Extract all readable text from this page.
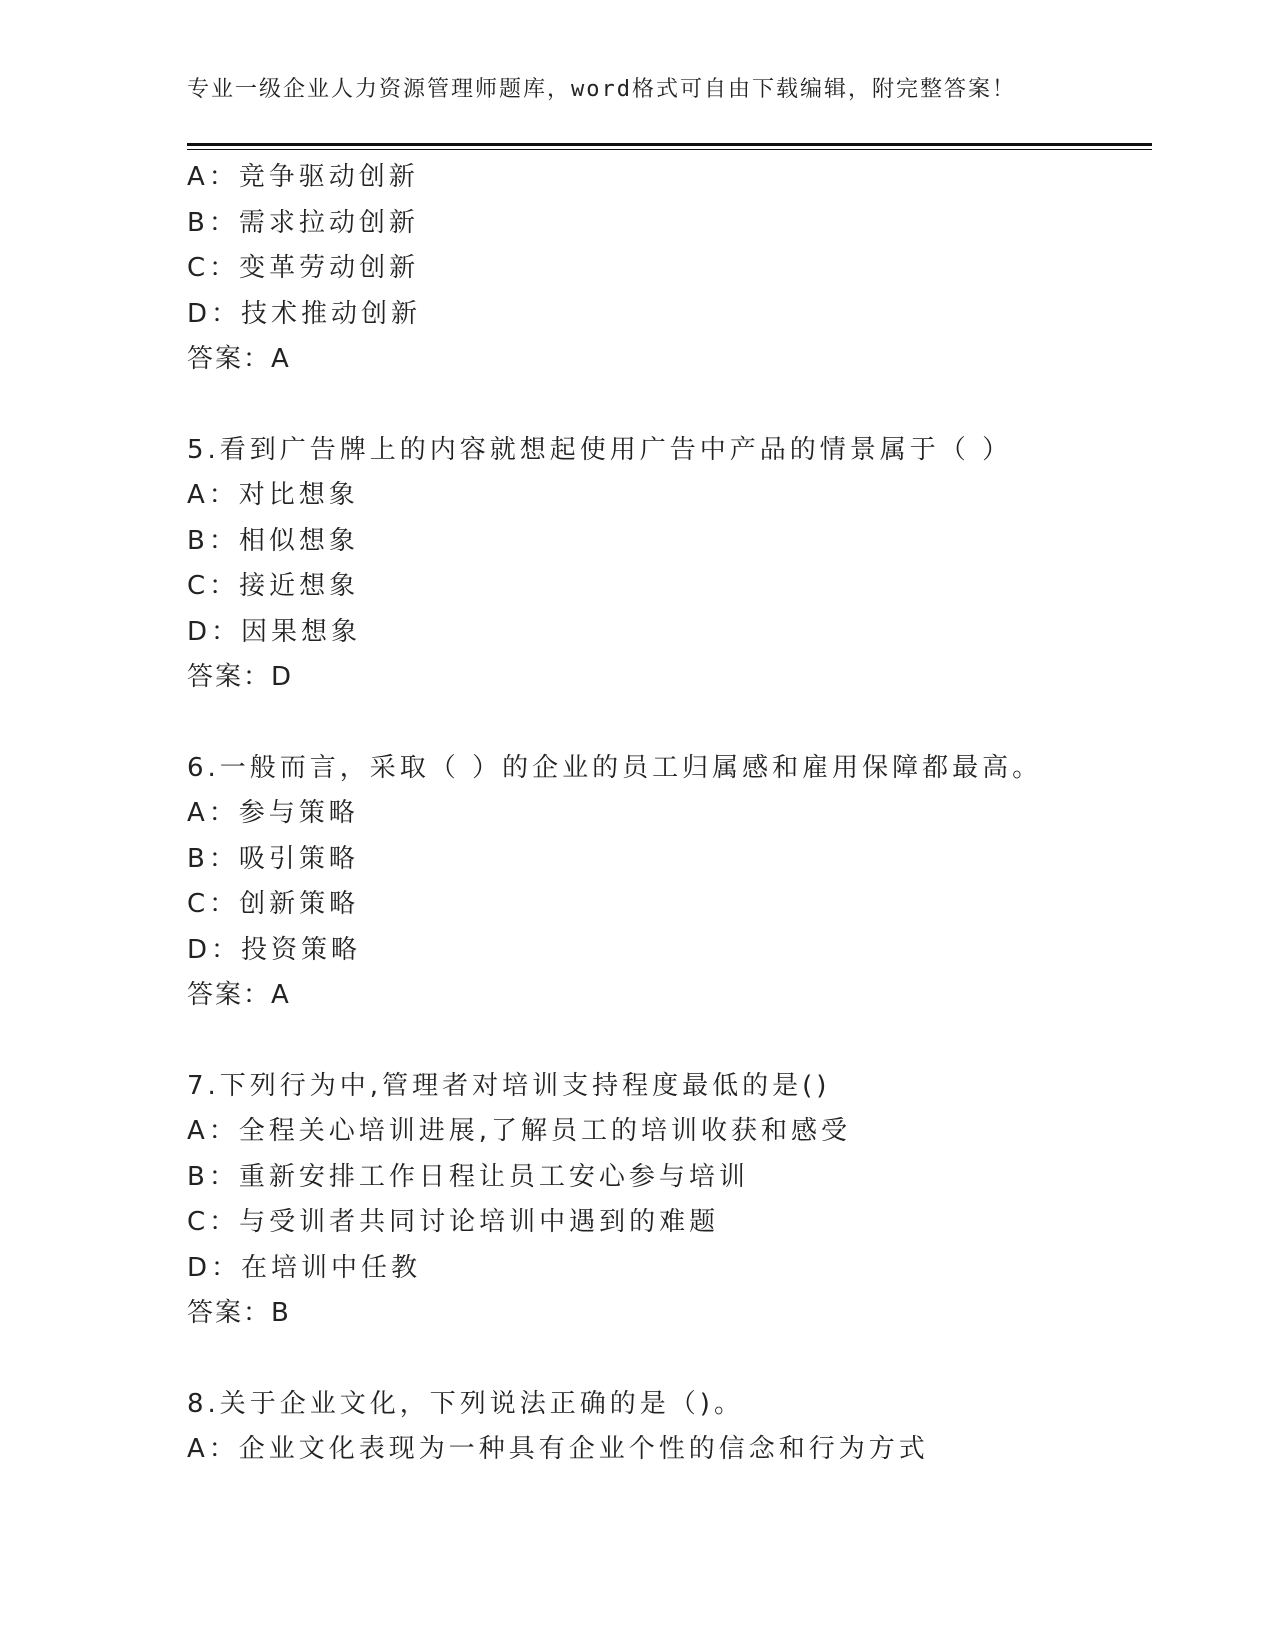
专业一级企业人力资源管理师题库，word格式可自由下载编辑，附完整答案！
A：竞争驱动创新
B：需求拉动创新
C：变革劳动创新
D：技术推动创新
答案：A
5.看到广告牌上的内容就想起使用广告中产品的情景属于（ ）
A：对比想象
B：相似想象
C：接近想象
D：因果想象
答案：D
6.一般而言，采取（ ）的企业的员工归属感和雇用保障都最高。
A：参与策略
B：吸引策略
C：创新策略
D：投资策略
答案：A
7.下列行为中,管理者对培训支持程度最低的是()
A：全程关心培训进展,了解员工的培训收获和感受
B：重新安排工作日程让员工安心参与培训
C：与受训者共同讨论培训中遇到的难题
D：在培训中任教
答案：B
8.关于企业文化，下列说法正确的是（)。
A：企业文化表现为一种具有企业个性的信念和行为方式
